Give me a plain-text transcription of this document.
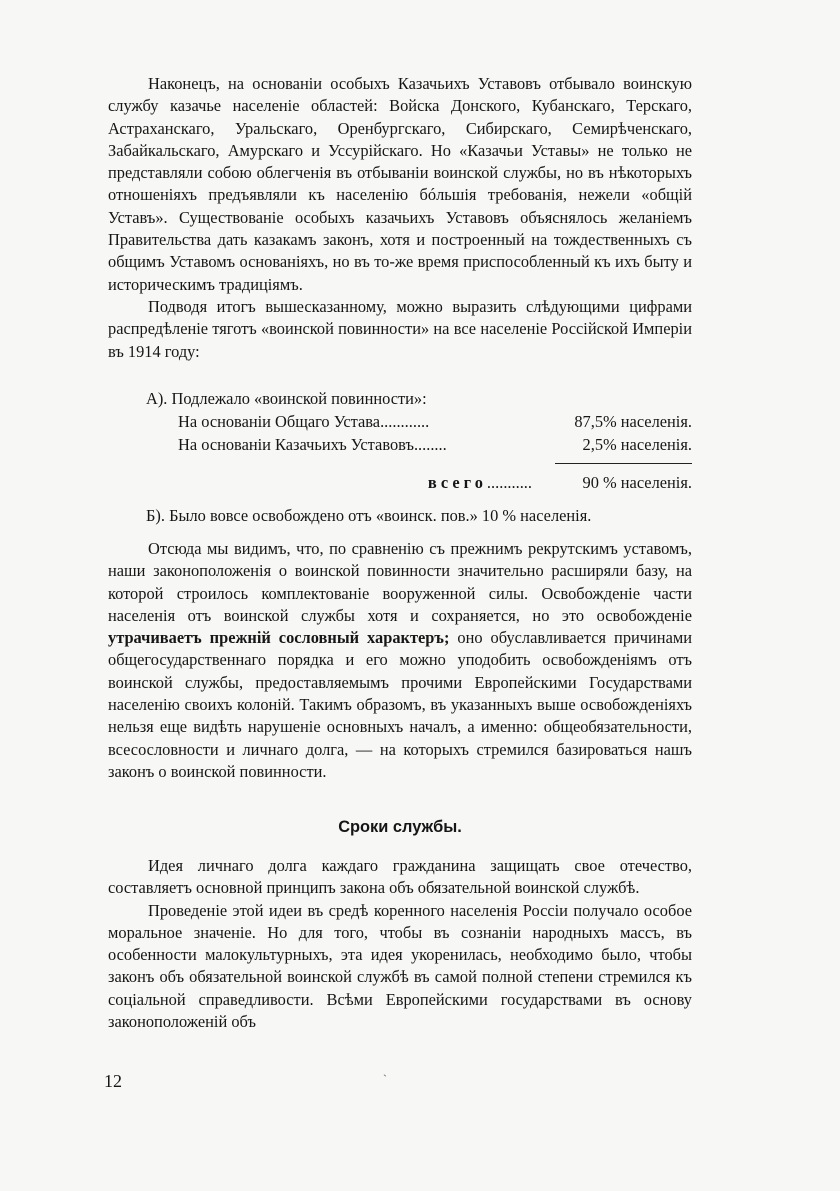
Наконецъ, на основаніи особыхъ Казачьихъ Уставовъ отбывало воинскую службу казачье населеніе областей: Войска Донского, Кубанскаго, Терскаго, Астраханскаго, Уральскаго, Оренбургскаго, Сибирскаго, Семирѣченскаго, Забайкальскаго, Амурскаго и Уссурійскаго. Но «Казачьи Уставы» не только не представляли собою облегченія въ отбываніи воинской службы, но въ нѣкоторыхъ отношеніяхъ предъявляли къ населенію бóльшія требованія, нежели «общій Уставъ». Существованіе особыхъ казачьихъ Уставовъ объяснялось желаніемъ Правительства дать казакамъ законъ, хотя и построенный на тождественныхъ съ общимъ Уставомъ основаніяхъ, но въ то-же время приспособленный къ ихъ быту и историческимъ традиціямъ.

Подводя итогъ вышесказанному, можно выразить слѣдующими цифрами распредѣленіе тяготъ «воинской повинности» на все населеніе Россійской Имперіи въ 1914 году:

А). Подлежало «воинской повинности»:
На основаніи Общаго Устава............	87,5% населенія.
На основаніи Казачьихъ Уставовъ........	2,5% населенія.
всего...........	90 % населенія.
Б). Было вовсе освобождено отъ «воинск. пов.» 10 % населенія.

Отсюда мы видимъ, что, по сравненію съ прежнимъ рекрутскимъ уставомъ, наши законоположенія о воинской повинности значительно расширяли базу, на которой строилось комплектованіе вооруженной силы. Освобожденіе части населенія отъ воинской службы хотя и сохраняется, но это освобожденіе утрачиваетъ прежній сословный характеръ; оно обуславливается причинами общегосударственнаго порядка и его можно уподобить освобожденіямъ отъ воинской службы, предоставляемымъ прочими Европейскими Государствами населенію своихъ колоній. Такимъ образомъ, въ указанныхъ выше освобожденіяхъ нельзя еще видѣть нарушеніе основныхъ началъ, а именно: общеобязательности, всесословности и личнаго долга, — на которыхъ стремился базироваться нашъ законъ о воинской повинности.

Сроки службы.

Идея личнаго долга каждаго гражданина защищать свое отечество, составляетъ основной принципъ закона объ обязательной воинской службѣ.

Проведеніе этой идеи въ средѣ коренного населенія Россіи получало особое моральное значеніе. Но для того, чтобы въ сознаніи народныхъ массъ, въ особенности малокультурныхъ, эта идея укоренилась, необходимо было, чтобы законъ объ обязательной воинской службѣ въ самой полной степени стремился къ соціальной справедливости. Всѣми Европейскими государствами въ основу законоположеній объ

12	`
